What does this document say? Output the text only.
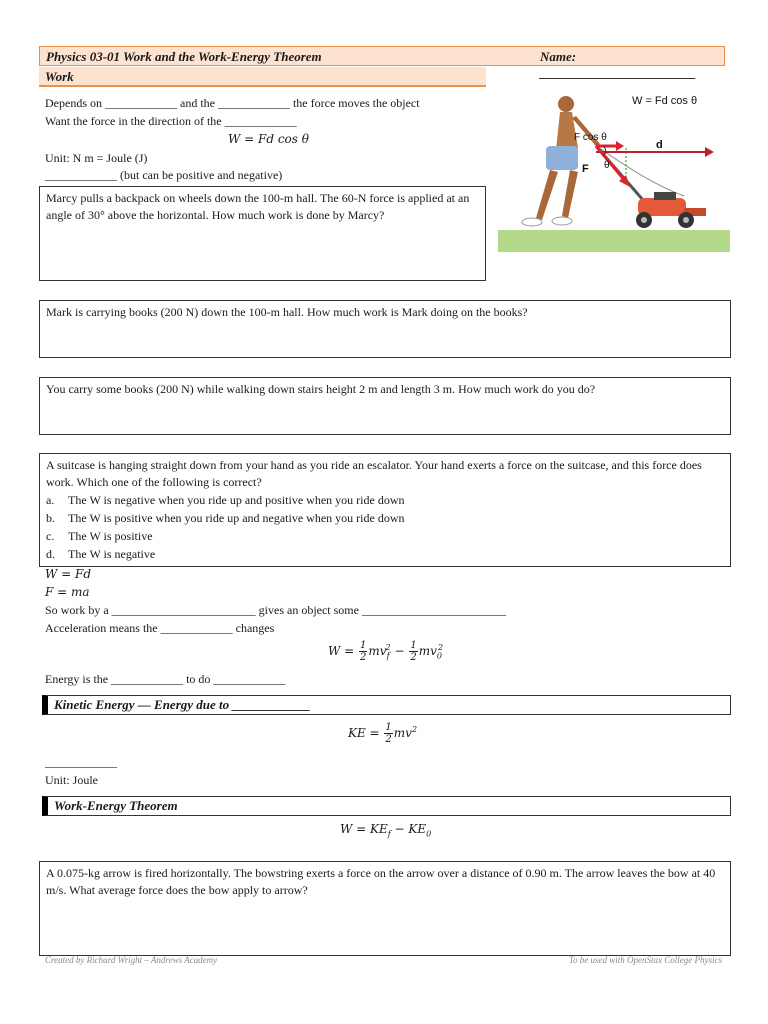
Physics 03-01 Work and the Work-Energy Theorem	Name: ________________________
Work
Depends on ____________ and the ____________ the force moves the object
Want the force in the direction of the ____________
W = Fd cos θ
Unit: N m = Joule (J)
____________ (but can be positive and negative)
W = Fd cos θ
F cos θ
d
F θ
Marcy pulls a backpack on wheels down the 100-m hall. The 60-N force is applied at an angle of 30° above the horizontal. How much work is done by Marcy?
Mark is carrying books (200 N) down the 100-m hall. How much work is Mark doing on the books?
You carry some books (200 N) while walking down stairs height 2 m and length 3 m. How much work do you do?
A suitcase is hanging straight down from your hand as you ride an escalator. Your hand exerts a force on the suitcase, and this force does work. Which one of the following is correct?
a. The W is negative when you ride up and positive when you ride down
b. The W is positive when you ride up and negative when you ride down
c. The W is positive
d. The W is negative
W = Fd
F = ma
So work by a ________________________ gives an object some ________________________
Acceleration means the ____________ changes
$W = \frac{1}{2} mv_f^2 - \frac{1}{2} mv_0^2$
Energy is the ____________ to do ____________
Kinetic Energy — Energy due to ____________
KE = $\frac{1}{2} mv^2$
____________
Unit: Joule
Work-Energy Theorem
$W = KE_f - KE_0$
A 0.075-kg arrow is fired horizontally. The bowstring exerts a force on the arrow over a distance of 0.90 m. The arrow leaves the bow at 40 m/s. What average force does the bow apply to arrow?
Created by Richard Wright – Andrews Academy	To be used with OpenStax College Physics
